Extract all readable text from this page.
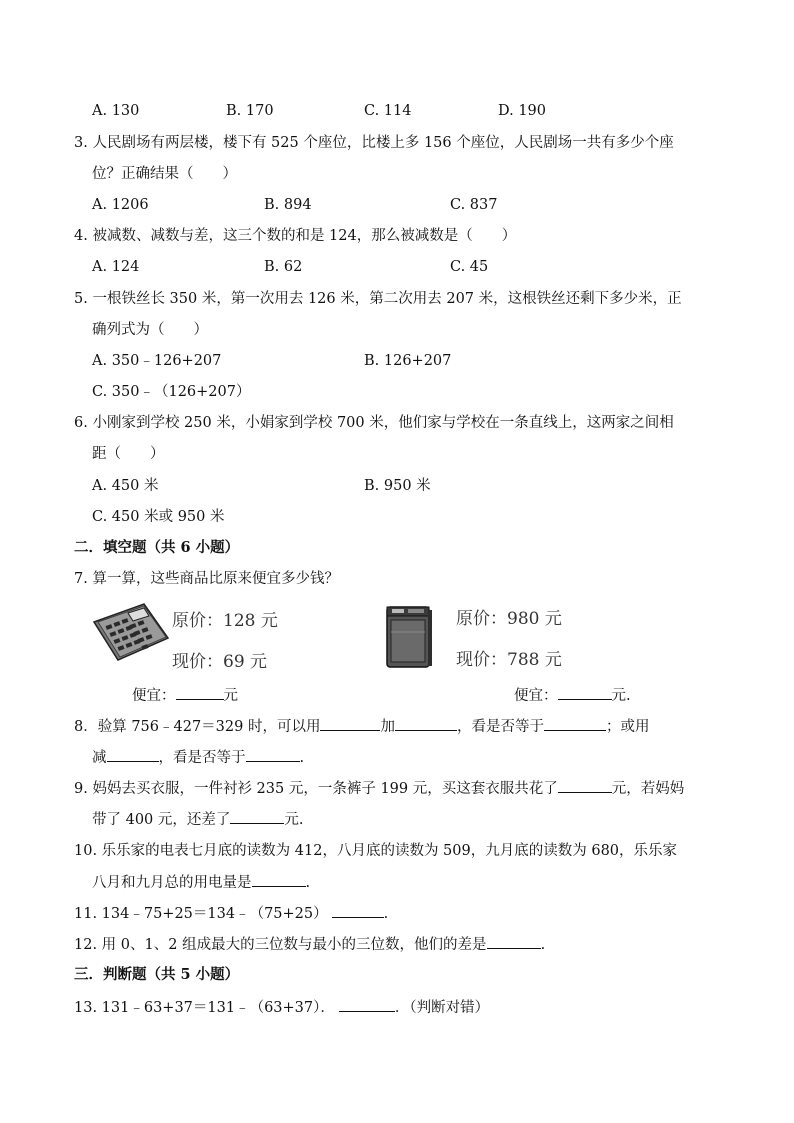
A. 130	B. 170	C. 114	D. 190
3. 人民剧场有两层楼，楼下有 525 个座位，比楼上多 156 个座位，人民剧场一共有多少个座
位？正确结果（　　）
A. 1206	B. 894	C. 837
4. 被减数、减数与差，这三个数的和是 124，那么被减数是（　　）
A. 124	B. 62	C. 45
5. 一根铁丝长 350 米，第一次用去 126 米，第二次用去 207 米，这根铁丝还剩下多少米，正
确列式为（　　）
A. 350﹣126+207	B. 126+207
C. 350﹣（126+207）
6. 小刚家到学校 250 米，小娟家到学校 700 米，他们家与学校在一条直线上，这两家之间相
距（　　）
A. 450 米	B. 950 米
C. 450 米或 950 米
二．填空题（共 6 小题）
7. 算一算，这些商品比原来便宜多少钱？
原价：128 元
现价：69 元
原价：980 元
现价：788 元
便宜：	元	便宜：	元.
8．验算 756﹣427＝329 时，可以用	加	，看是否等于	；或用
减	，看是否等于	.
9. 妈妈去买衣服，一件衬衫 235 元，一条裤子 199 元，买这套衣服共花了	元，若妈妈
带了 400 元，还差了	元.
10. 乐乐家的电表七月底的读数为 412，八月底的读数为 509，九月底的读数为 680，乐乐家
八月和九月总的用电量是	.
11. 134﹣75+25＝134﹣（75+25）	.
12. 用 0、1、2 组成最大的三位数与最小的三位数，他们的差是	.
三．判断题（共 5 小题）
13. 131﹣63+37＝131﹣（63+37）．	．（判断对错）
